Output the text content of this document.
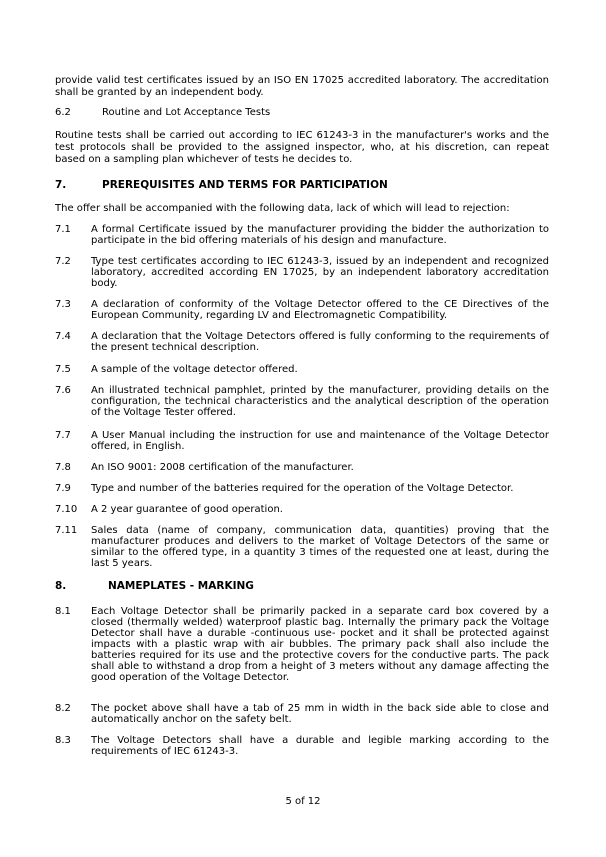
provide valid test certificates issued by an ISO EN 17025 accredited laboratory. The accreditation shall be granted by an independent body.
6.2	Routine and Lot Acceptance Tests
Routine tests shall be carried out according to IEC 61243-3 in the manufacturer's works and the test protocols shall be provided to the assigned inspector, who, at his discretion, can repeat based on a sampling plan whichever of tests he decides to.
7.	PREREQUISITES AND TERMS FOR PARTICIPATION
The offer shall be accompanied with the following data, lack of which will lead to rejection:
7.1 A formal Certificate issued by the manufacturer providing the bidder the authorization to participate in the bid offering materials of his design and manufacture.
7.2 Type test certificates according to IEC 61243-3, issued by an independent and recognized laboratory, accredited according EN 17025, by an independent laboratory accreditation body.
7.3 A declaration of conformity of the Voltage Detector offered to the CE Directives of the European Community, regarding LV and Electromagnetic Compatibility.
7.4 A declaration that the Voltage Detectors offered is fully conforming to the requirements of the present technical description.
7.5 A sample of the voltage detector offered.
7.6 An illustrated technical pamphlet, printed by the manufacturer, providing details on the configuration, the technical characteristics and the analytical description of the operation of the Voltage Tester offered.
7.7 A User Manual including the instruction for use and maintenance of the Voltage Detector offered, in English.
7.8 An ISO 9001: 2008 certification of the manufacturer.
7.9 Type and number of the batteries required for the operation of the Voltage Detector.
7.10 A 2 year guarantee of good operation.
7.11 Sales data (name of company, communication data, quantities) proving that the manufacturer produces and delivers to the market of Voltage Detectors of the same or similar to the offered type, in a quantity 3 times of the requested one at least, during the last 5 years.
8.	NAMEPLATES - MARKING
8.1 Each Voltage Detector shall be primarily packed in a separate card box covered by a closed (thermally welded) waterproof plastic bag. Internally the primary pack the Voltage Detector shall have a durable -continuous use- pocket and it shall be protected against impacts with a plastic wrap with air bubbles. The primary pack shall also include the batteries required for its use and the protective covers for the conductive parts. The pack shall able to withstand a drop from a height of 3 meters without any damage affecting the good operation of the Voltage Detector.
8.2 The pocket above shall have a tab of 25 mm in width in the back side able to close and automatically anchor on the safety belt.
8.3 The Voltage Detectors shall have a durable and legible marking according to the requirements of IEC 61243-3.
5 of 12
